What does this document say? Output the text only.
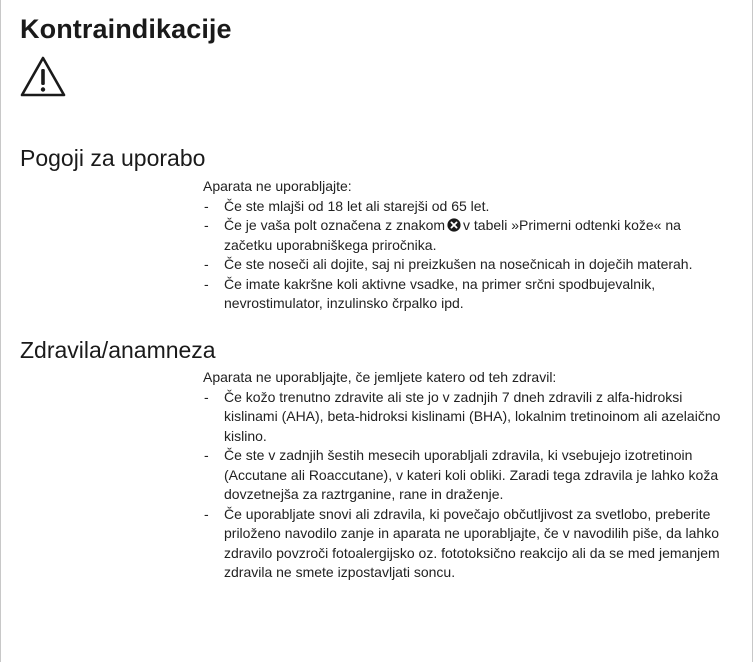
Kontraindikacije
Pogoji za uporabo

Aparata ne uporabljajte:

- Če ste mlajši od 18 let ali starejši od 65 let.
- Če je vaša polt označena z znakom v tabeli »Primerni odtenki kože« na začetku uporabniškega priročnika.
- Če ste noseči ali dojite, saj ni preizkušen na nosečnicah in doječih materah.
- Če imate kakršne koli aktivne vsadke, na primer srčni spodbujevalnik, nevrostimulator, inzulinsko črpalko ipd.
Zdravila/anamneza

Aparata ne uporabljajte, če jemljete katero od teh zdravil:

- Če kožo trenutno zdravite ali ste jo v zadnjih 7 dneh zdravili z alfa-hidroksi kislinami (AHA), beta-hidroksi kislinami (BHA), lokalnim tretinoinom ali azelaično kislino.
- Če ste v zadnjih šestih mesecih uporabljali zdravila, ki vsebujejo izotretinoin (Accutane ali Roaccutane), v kateri koli obliki. Zaradi tega zdravila je lahko koža dovzetnejša za raztrganine, rane in draženje.
- Če uporabljate snovi ali zdravila, ki povečajo občutljivost za svetlobo, preberite priloženo navodilo zanje in aparata ne uporabljajte, če v navodilih piše, da lahko zdravilo povzroči fotoalergijsko oz. fototoksično reakcijo ali da se med jemanjem zdravila ne smete izpostavljati soncu.
